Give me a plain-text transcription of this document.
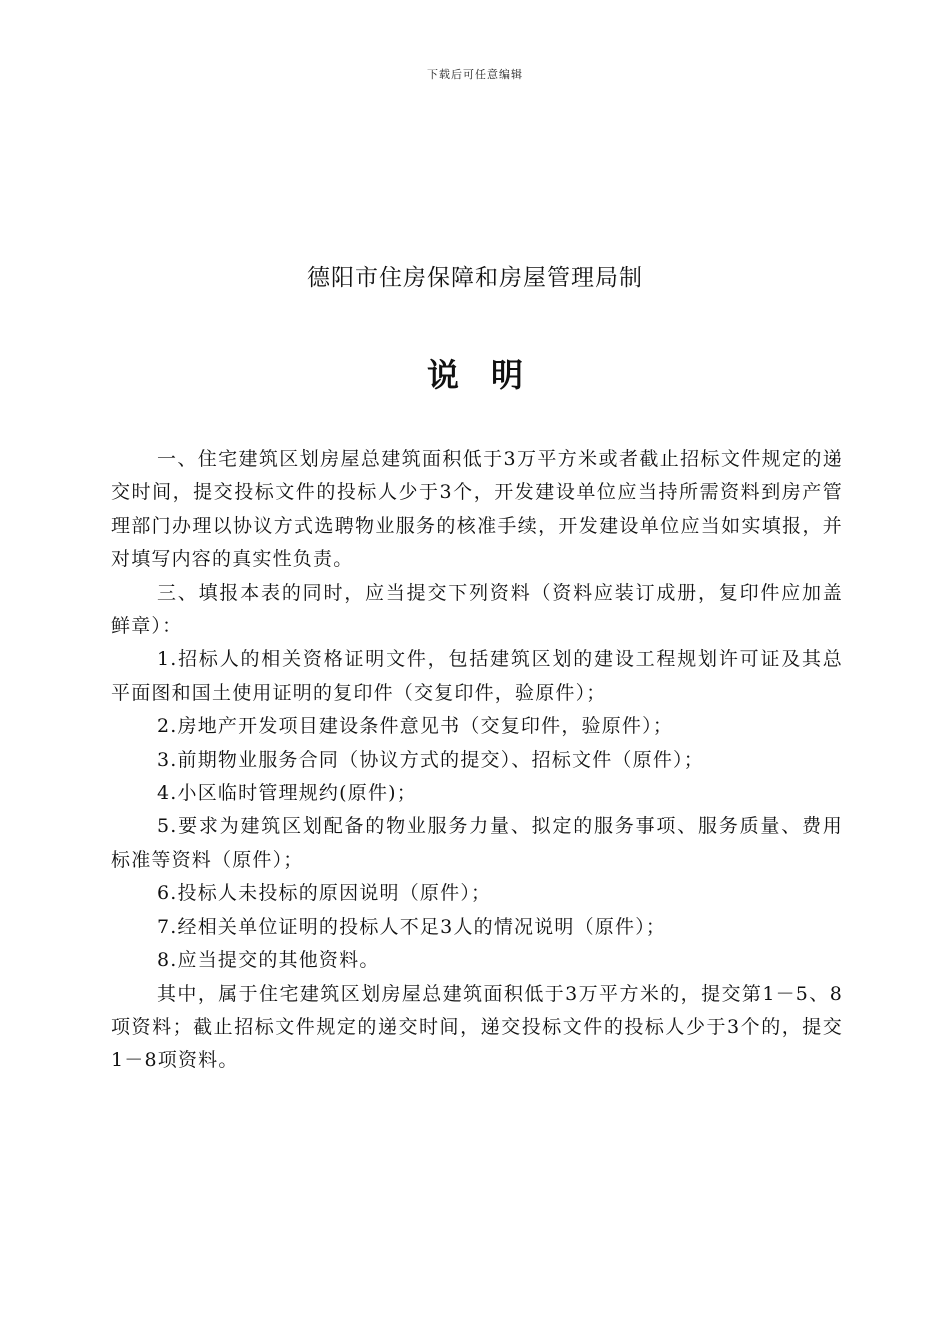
下载后可任意编辑
德阳市住房保障和房屋管理局制
说 明

一、住宅建筑区划房屋总建筑面积低于3万平方米或者截止招标文件规定的递交时间，提交投标文件的投标人少于3个，开发建设单位应当持所需资料到房产管理部门办理以协议方式选聘物业服务的核准手续，开发建设单位应当如实填报，并对填写内容的真实性负责。

三、填报本表的同时，应当提交下列资料（资料应装订成册，复印件应加盖鲜章）：

1.招标人的相关资格证明文件，包括建筑区划的建设工程规划许可证及其总平面图和国土使用证明的复印件（交复印件，验原件）；

2.房地产开发项目建设条件意见书（交复印件，验原件）；

3.前期物业服务合同（协议方式的提交）、招标文件（原件）；

4.小区临时管理规约(原件)；

5.要求为建筑区划配备的物业服务力量、拟定的服务事项、服务质量、费用标准等资料（原件）；

6.投标人未投标的原因说明（原件）；

7.经相关单位证明的投标人不足3人的情况说明（原件）；

8.应当提交的其他资料。

其中，属于住宅建筑区划房屋总建筑面积低于3万平方米的，提交第1－5、8项资料；截止招标文件规定的递交时间，递交投标文件的投标人少于3个的，提交1－8项资料。
